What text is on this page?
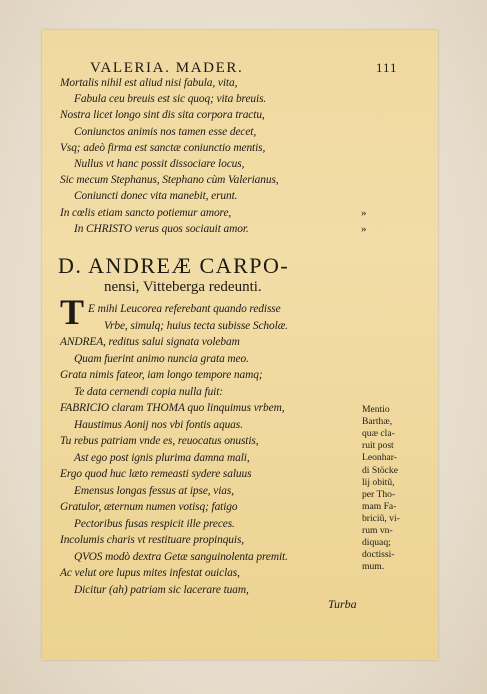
VALERIA. MADER.	111
Mortalis nihil est aliud nisi fabula, vita,
Fabula ceu breuis est sic quoq; vita breuis.
Nostra licet longo sint dis sita corpora tractu,
Coniunctos animis nos tamen esse decet,
Vsq; adeò firma est sanctæ coniunctio mentis,
Nullus vt hanc possit dissociare locus,
Sic mecum Stephanus, Stephano cùm Valerianus,
Coniuncti donec vita manebit, erunt.
In cœlis etiam sancto potiemur amore,
In CHRISTO verus quos sociauit amor.
»
»
D. ANDREÆ CARPO-
nensi, Vitteberga redeunti.
T E mihi Leucorea referebant quando redisse
Vrbe, simulq; huius tecta subisse Scholæ.
ANDREA, reditus salui signata volebam
Quam fuerint animo nuncia grata meo.
Grata nimis fateor, iam longo tempore namq;
Te data cernendi copia nulla fuit:
FABRICIO claram THOMA quo linquimus vrbem,
Haustimus Aonij nos vbi fontis aquas.
Tu rebus patriam vnde es, reuocatus onustis,
Ast ego post ignis plurima damna mali,
Ergo quod huc læto remeasti sydere saluus
Emensus longas fessus at ipse, vias,
Gratulor, æternum numen votisq; fatigo
Pectoribus fusas respicit ille preces.
Incolumis charis vt restituare propinquis,
QVOS modò dextra Getæ sanguinolenta premit.
Ac velut ore lupus mites infestat ouiclas,
Dicitur (ah) patriam sic lacerare tuam,
Mentio
Barthæ,
quæ cla-
ruit post
Leonhar-
di Stöcke
lij obitũ,
per Tho-
mam Fa-
briciũ, vi-
rum vn-
diquaq;
doctissi-
mum.
Turba
